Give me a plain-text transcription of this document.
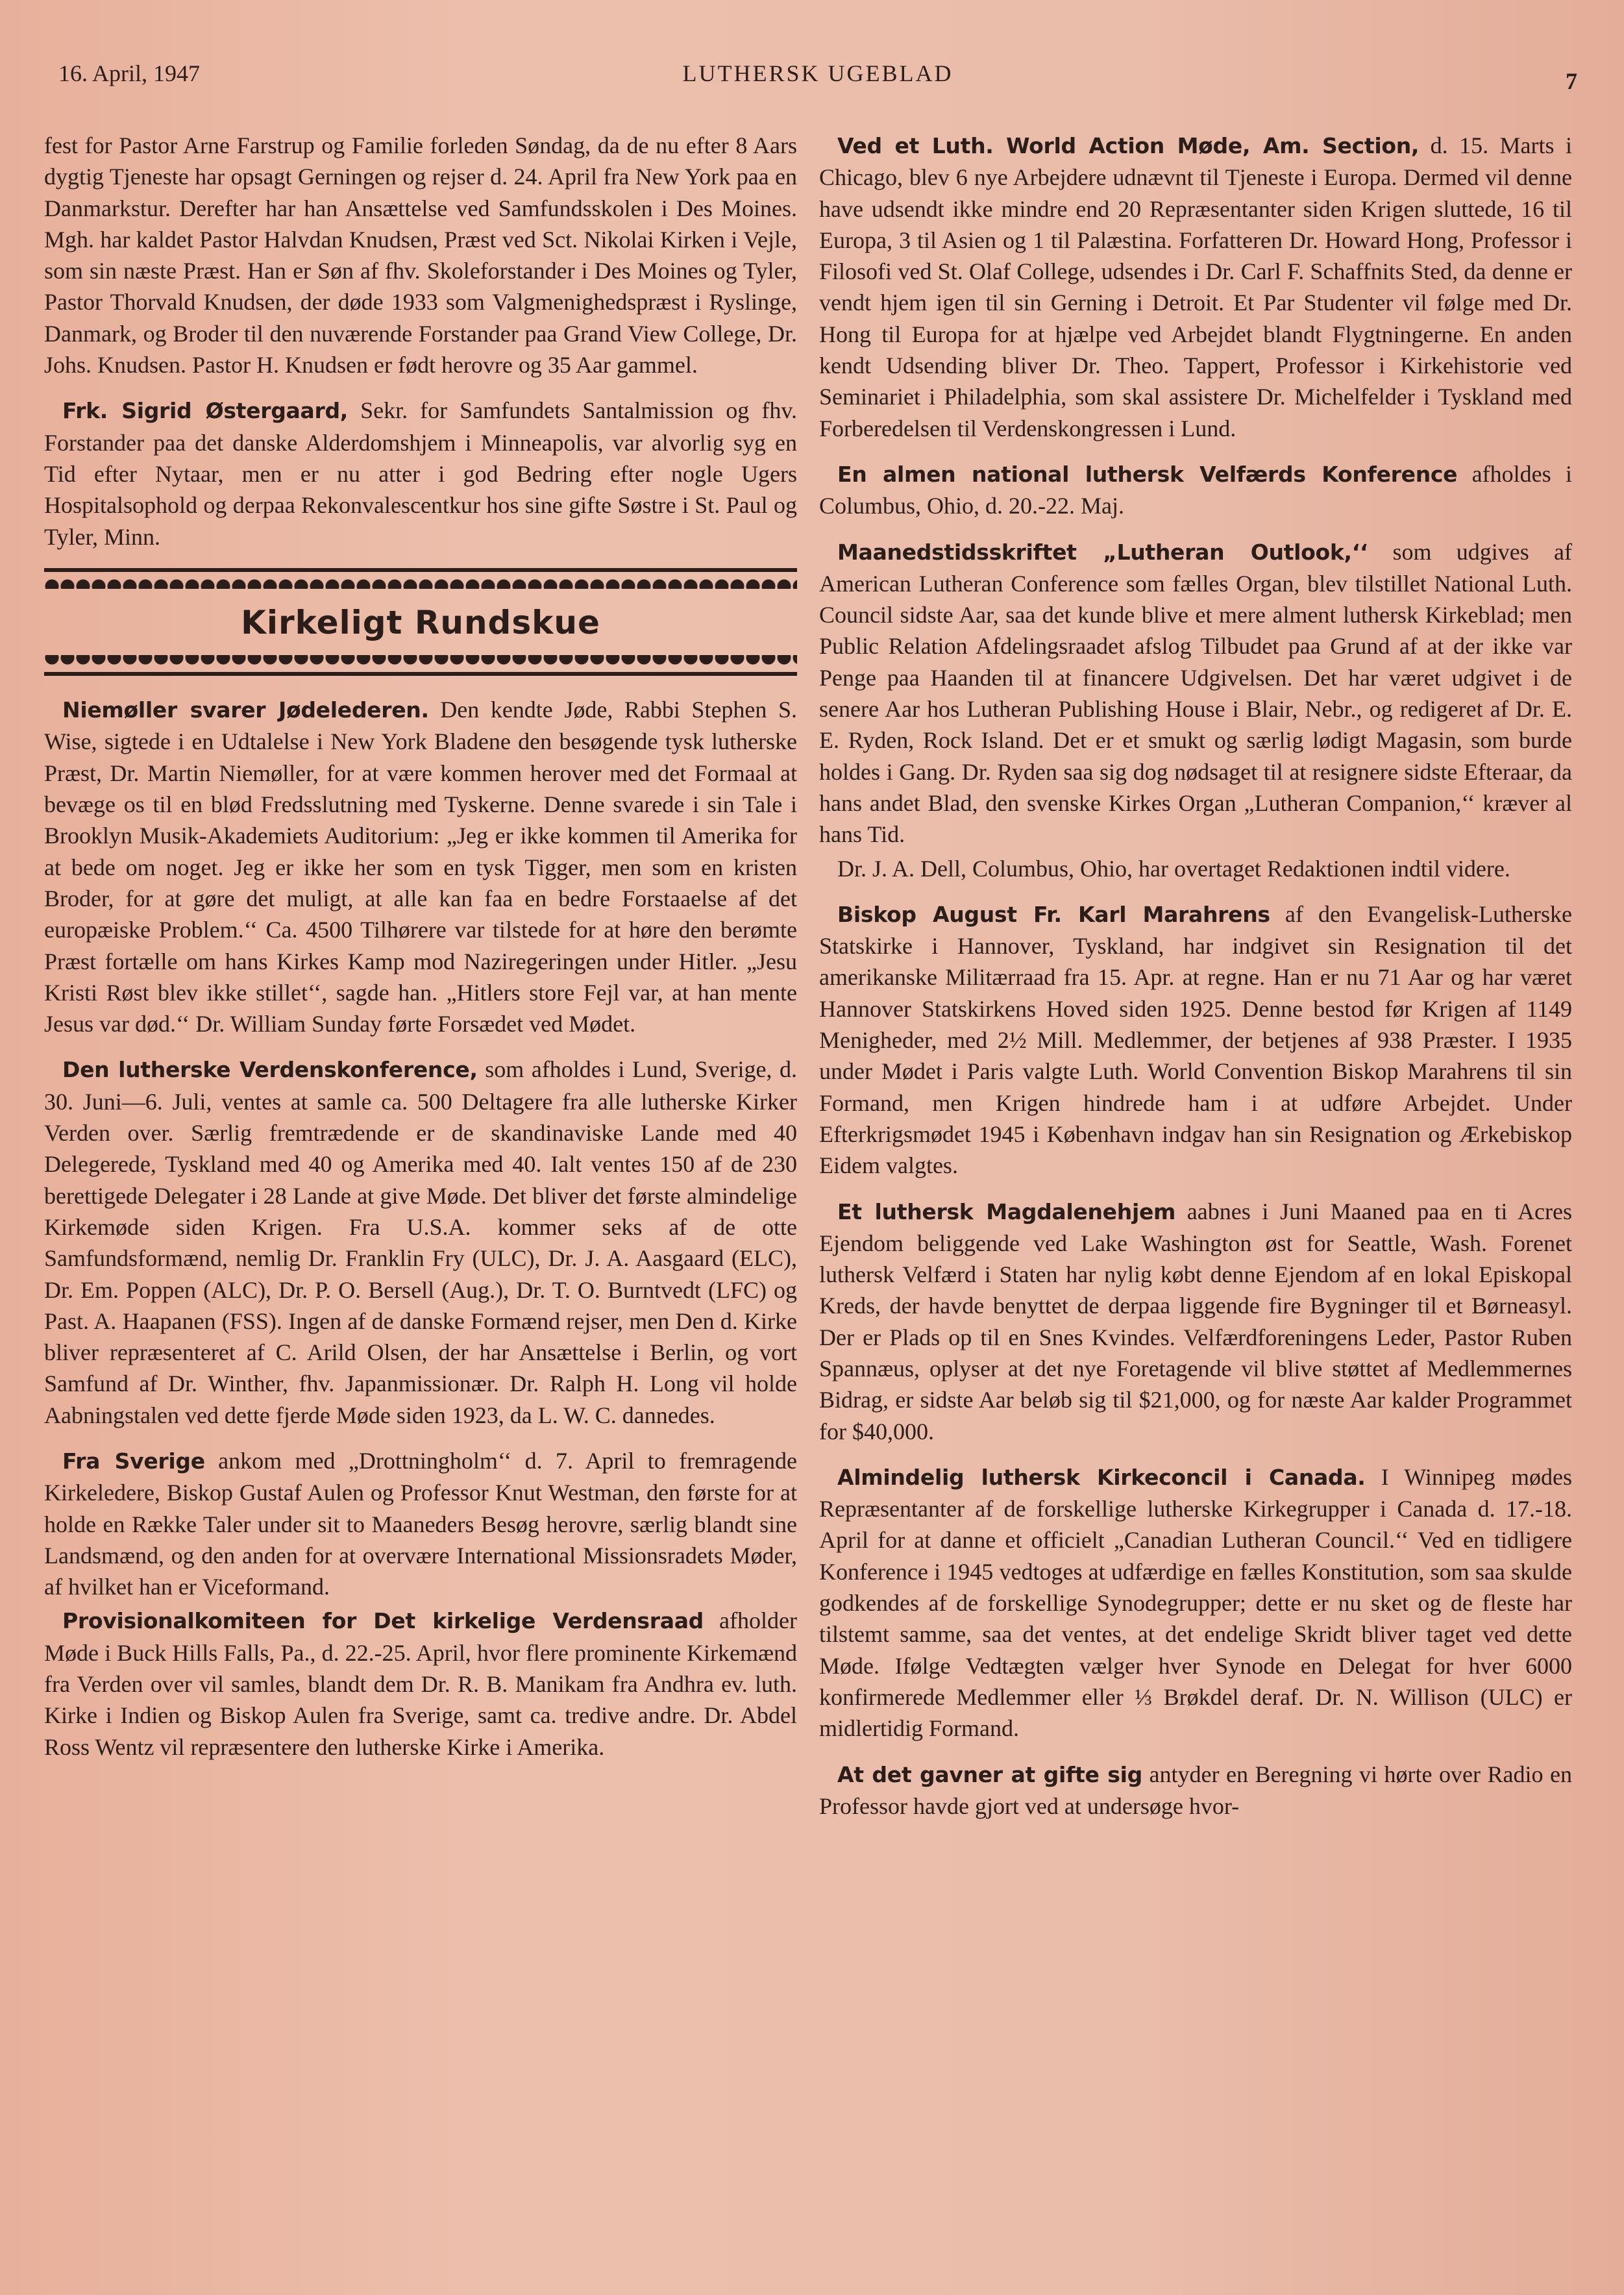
16. April, 1947	LUTHERSK UGEBLAD	7

fest for Pastor Arne Farstrup og Familie forleden Søndag, da de nu efter 8 Aars dygtig Tjeneste har opsagt Gerningen og rejser d. 24. April fra New York paa en Danmarkstur. Derefter har han Ansættelse ved Samfundsskolen i Des Moines. Mgh. har kaldet Pastor Halvdan Knudsen, Præst ved Sct. Nikolai Kirken i Vejle, som sin næste Præst. Han er Søn af fhv. Skoleforstander i Des Moines og Tyler, Pastor Thorvald Knudsen, der døde 1933 som Valgmenighedspræst i Ryslinge, Danmark, og Broder til den nuværende Forstander paa Grand View College, Dr. Johs. Knudsen. Pastor H. Knudsen er født herovre og 35 Aar gammel.

Frk. Sigrid Østergaard, Sekr. for Samfundets Santalmission og fhv. Forstander paa det danske Alderdomshjem i Minneapolis, var alvorlig syg en Tid efter Nytaar, men er nu atter i god Bedring efter nogle Ugers Hospitalsophold og derpaa Rekonvalescentkur hos sine gifte Søstre i St. Paul og Tyler, Minn.

Kirkeligt Rundskue

Niemøller svarer Jødelederen. Den kendte Jøde, Rabbi Stephen S. Wise, sigtede i en Udtalelse i New York Bladene den besøgende tysk lutherske Præst, Dr. Martin Niemøller, for at være kommen herover med det Formaal at bevæge os til en blød Fredsslutning med Tyskerne. Denne svarede i sin Tale i Brooklyn Musik-Akademiets Auditorium: „Jeg er ikke kommen til Amerika for at bede om noget. Jeg er ikke her som en tysk Tigger, men som en kristen Broder, for at gøre det muligt, at alle kan faa en bedre Forstaaelse af det europæiske Problem.‘‘ Ca. 4500 Tilhørere var tilstede for at høre den berømte Præst fortælle om hans Kirkes Kamp mod Naziregeringen under Hitler. „Jesu Kristi Røst blev ikke stillet‘‘, sagde han. „Hitlers store Fejl var, at han mente Jesus var død.‘‘ Dr. William Sunday førte Forsædet ved Mødet.

Den lutherske Verdenskonference, som afholdes i Lund, Sverige, d. 30. Juni—6. Juli, ventes at samle ca. 500 Deltagere fra alle lutherske Kirker Verden over. Særlig fremtrædende er de skandinaviske Lande med 40 Delegerede, Tyskland med 40 og Amerika med 40. Ialt ventes 150 af de 230 berettigede Delegater i 28 Lande at give Møde. Det bliver det første almindelige Kirkemøde siden Krigen. Fra U.S.A. kommer seks af de otte Samfundsformænd, nemlig Dr. Franklin Fry (ULC), Dr. J. A. Aasgaard (ELC), Dr. Em. Poppen (ALC), Dr. P. O. Bersell (Aug.), Dr. T. O. Burntvedt (LFC) og Past. A. Haapanen (FSS). Ingen af de danske Formænd rejser, men Den d. Kirke bliver repræsenteret af C. Arild Olsen, der har Ansættelse i Berlin, og vort Samfund af Dr. Winther, fhv. Japanmissionær. Dr. Ralph H. Long vil holde Aabningstalen ved dette fjerde Møde siden 1923, da L. W. C. dannedes.

Fra Sverige ankom med „Drottningholm‘‘ d. 7. April to fremragende Kirkeledere, Biskop Gustaf Aulen og Professor Knut Westman, den første for at holde en Række Taler under sit to Maaneders Besøg herovre, særlig blandt sine Landsmænd, og den anden for at overvære International Missionsradets Møder, af hvilket han er Viceformand.

Provisionalkomiteen for Det kirkelige Verdensraad afholder Møde i Buck Hills Falls, Pa., d. 22.-25. April, hvor flere prominente Kirkemænd fra Verden over vil samles, blandt dem Dr. R. B. Manikam fra Andhra ev. luth. Kirke i Indien og Biskop Aulen fra Sverige, samt ca. tredive andre. Dr. Abdel Ross Wentz vil repræsentere den lutherske Kirke i Amerika.

Ved et Luth. World Action Møde, Am. Section, d. 15. Marts i Chicago, blev 6 nye Arbejdere udnævnt til Tjeneste i Europa. Dermed vil denne have udsendt ikke mindre end 20 Repræsentanter siden Krigen sluttede, 16 til Europa, 3 til Asien og 1 til Palæstina. Forfatteren Dr. Howard Hong, Professor i Filosofi ved St. Olaf College, udsendes i Dr. Carl F. Schaffnits Sted, da denne er vendt hjem igen til sin Gerning i Detroit. Et Par Studenter vil følge med Dr. Hong til Europa for at hjælpe ved Arbejdet blandt Flygtningerne. En anden kendt Udsending bliver Dr. Theo. Tappert, Professor i Kirkehistorie ved Seminariet i Philadelphia, som skal assistere Dr. Michelfelder i Tyskland med Forberedelsen til Verdenskongressen i Lund.

En almen national luthersk Velfærds Konference afholdes i Columbus, Ohio, d. 20.-22. Maj.

Maanedstidsskriftet „Lutheran Outlook,‘‘ som udgives af American Lutheran Conference som fælles Organ, blev tilstillet National Luth. Council sidste Aar, saa det kunde blive et mere alment luthersk Kirkeblad; men Public Relation Afdelingsraadet afslog Tilbudet paa Grund af at der ikke var Penge paa Haanden til at financere Udgivelsen. Det har været udgivet i de senere Aar hos Lutheran Publishing House i Blair, Nebr., og redigeret af Dr. E. E. Ryden, Rock Island. Det er et smukt og særlig lødigt Magasin, som burde holdes i Gang. Dr. Ryden saa sig dog nødsaget til at resignere sidste Efteraar, da hans andet Blad, den svenske Kirkes Organ „Lutheran Companion,‘‘ kræver al hans Tid.

Dr. J. A. Dell, Columbus, Ohio, har overtaget Redaktionen indtil videre.

Biskop August Fr. Karl Marahrens af den Evangelisk-Lutherske Statskirke i Hannover, Tyskland, har indgivet sin Resignation til det amerikanske Militærraad fra 15. Apr. at regne. Han er nu 71 Aar og har været Hannover Statskirkens Hoved siden 1925. Denne bestod før Krigen af 1149 Menigheder, med 2½ Mill. Medlemmer, der betjenes af 938 Præster. I 1935 under Mødet i Paris valgte Luth. World Convention Biskop Marahrens til sin Formand, men Krigen hindrede ham i at udføre Arbejdet. Under Efterkrigsmødet 1945 i København indgav han sin Resignation og Ærkebiskop Eidem valgtes.

Et luthersk Magdalenehjem aabnes i Juni Maaned paa en ti Acres Ejendom beliggende ved Lake Washington øst for Seattle, Wash. Forenet luthersk Velfærd i Staten har nylig købt denne Ejendom af en lokal Episkopal Kreds, der havde benyttet de derpaa liggende fire Bygninger til et Børneasyl. Der er Plads op til en Snes Kvindes. Velfærdforeningens Leder, Pastor Ruben Spannæus, oplyser at det nye Foretagende vil blive støttet af Medlemmernes Bidrag, er sidste Aar beløb sig til $21,000, og for næste Aar kalder Programmet for $40,000.

Almindelig luthersk Kirkeconcil i Canada. I Winnipeg mødes Repræsentanter af de forskellige lutherske Kirkegrupper i Canada d. 17.-18. April for at danne et officielt „Canadian Lutheran Council.‘‘ Ved en tidligere Konference i 1945 vedtoges at udfærdige en fælles Konstitution, som saa skulde godkendes af de forskellige Synodegrupper; dette er nu sket og de fleste har tilstemt samme, saa det ventes, at det endelige Skridt bliver taget ved dette Møde. Ifølge Vedtægten vælger hver Synode en Delegat for hver 6000 konfirmerede Medlemmer eller ⅓ Brøkdel deraf. Dr. N. Willison (ULC) er midlertidig Formand.

At det gavner at gifte sig antyder en Beregning vi hørte over Radio en Professor havde gjort ved at undersøge hvor-
